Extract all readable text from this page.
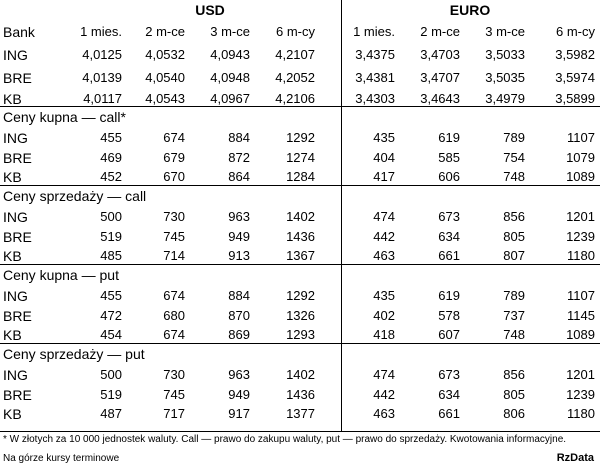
USD	EURO
Bank	1 mies.	2 m-ce	3 m-ce	6 m-cy	1 mies.	2 m-ce	3 m-ce	6 m-cy
ING	4,0125	4,0532	4,0943	4,2107	3,4375	3,4703	3,5033	3,5982
BRE	4,0139	4,0540	4,0948	4,2052	3,4381	3,4707	3,5035	3,5974
KB	4,0117	4,0543	4,0967	4,2106	3,4303	3,4643	3,4979	3,5899
Ceny kupna — call*
ING	455	674	884	1292	435	619	789	1107
BRE	469	679	872	1274	404	585	754	1079
KB	452	670	864	1284	417	606	748	1089
Ceny sprzedaży — call
ING	500	730	963	1402	474	673	856	1201
BRE	519	745	949	1436	442	634	805	1239
KB	485	714	913	1367	463	661	807	1180
Ceny kupna — put
ING	455	674	884	1292	435	619	789	1107
BRE	472	680	870	1326	402	578	737	1145
KB	454	674	869	1293	418	607	748	1089
Ceny sprzedaży — put
ING	500	730	963	1402	474	673	856	1201
BRE	519	745	949	1436	442	634	805	1239
KB	487	717	917	1377	463	661	806	1180
* W złotych za 10 000 jednostek waluty. Call — prawo do zakupu waluty, put — prawo do sprzedaży. Kwotowania informacyjne.
Na górze kursy terminowe	RzData
